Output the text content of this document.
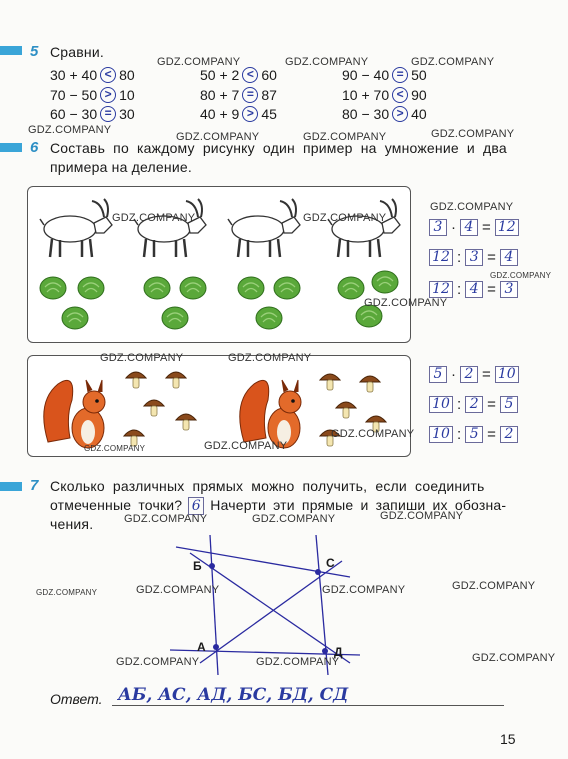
5 Сравни.
30 + 40 < 80	50 + 2 < 60	90 − 40 = 50
70 − 50 > 10	80 + 7 = 87	10 + 70 < 90
60 − 30 = 30	40 + 9 > 45	80 − 30 > 40
6 Составь по каждому рисунку один пример на умножение и два
примера на деление.
3 · 4 = 12
12 : 3 = 4
12 : 4 = 3
5 · 2 = 10
10 : 2 = 5
10 : 5 = 2
7 Сколько различных прямых можно получить, если соединить
отмеченные точки? 6 Начерти эти прямые и запиши их обозна-
чения.
Б	С
А	Д
Ответ. АБ, АС, АД, БС, БД, СД
15
GDZ.COMPANY	GDZ.COMPANY	GDZ.COMPANY
GDZ.COMPANY
GDZ.COMPANY	GDZ.COMPANY	GDZ.COMPANY
GDZ.COMPANY
GDZ.COMPANY	GDZ.COMPANY
GDZ.COMPANY
GDZ.COMPANY
GDZ.COMPANY	GDZ.COMPANY
GDZ.COMPANY
GDZ.COMPANY
GDZ.COMPANY
GDZ.COMPANY	GDZ.COMPANY	GDZ.COMPANY
GDZ.COMPANY	GDZ.COMPANY	GDZ.COMPANY	GDZ.COMPANY
GDZ.COMPANY	GDZ.COMPANY	GDZ.COMPANY
